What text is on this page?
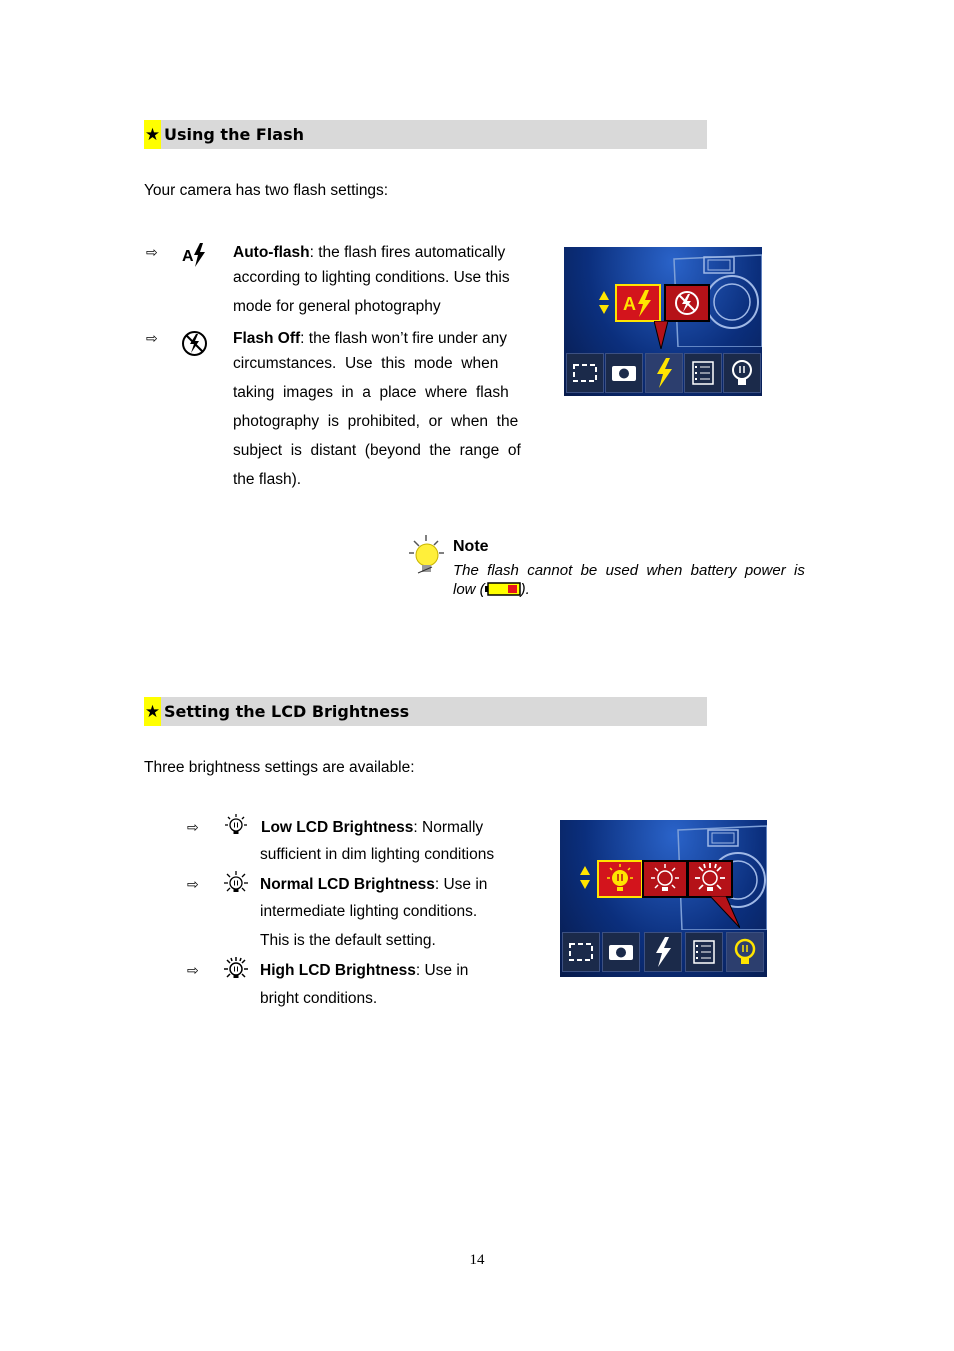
★ Using the Flash
Your camera has two flash settings:
⇨ A	Auto-flash: the flash fires automatically
according to lighting conditions. Use this
mode for general photography
⇨	Flash Off: the flash won’t fire under any
circumstances.  Use  this  mode  when
taking  images  in  a  place  where  flash
photography  is  prohibited,  or  when  the
subject  is  distant  (beyond  the  range  of
the flash).
A
Note
The  flash  cannot  be  used  when  battery  power  is
low ( ).
★ Setting the LCD Brightness
Three brightness settings are available:
⇨	Low LCD Brightness: Normally
sufficient in dim lighting conditions
⇨	Normal LCD Brightness: Use in
intermediate lighting conditions.
This is the default setting.
⇨	High LCD Brightness: Use in
bright conditions.
14
